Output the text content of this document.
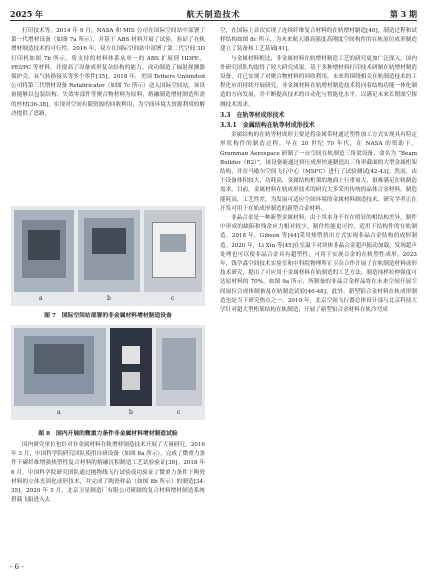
2025 年	航天制造技术	第 3 期

打印技术等。2014 年 9 月，NASA 和 MIS 公司在国际空间站中部署了第一代增材设备（如图 7a 所示），并基于 ABS 材料开展了试验，验证了在轨增材制造技术的可行性。2016 年，双方在国际空间站中部署了第二代空间 3D 打印机如图 7b 所示，将支持的材料体系从单一的 ABS 扩展到 HDPE、PEI/PC 等材料，并提高了设备成形复杂结构的能力，成功制造了辐射探测器保护壳、氧气转换接头等多个零件[35]。2018 年，美国 Tethers Unlimited 公司将第三代增材设备 Refabricator（如图 7c 所示）送入国际空间站，该设备能够以包装结构、失效零部件等聚合物材料为原料，熔融制造增材制造所需的丝材[36-38]，实现对空间有限资源的回收利用，为空间环境大资源利用的解决提供了思路。

a	b	c
图 7　国际空间站部署的非金属材料增材制造设备
a	b	c
图 8　国内开展的微重力条件非金属材料增材制造试验

国内研究单位也针对非金属材料在轨增材制造技术开展了大量研究。2016 年 3 月，中国科学院研究团队使用自研设备（如图 8a 所示），完成了微重力条件下碳纤维增强热塑性复合材料的熔融沉积制造工艺试验验证[39]。2018 年 6 月，中国科学院研究团队通过抛物线飞行试验成功验证了微重力条件下陶瓷材料的立体光固化成形技术，并完成了陶瓷样品（如图 8b 所示）的制造[34-35]。2020 年 5 月，北京卫星制造厂有限公司研制的复合材料增材制造系统搭载飞船进入太

空，在国际上首次实现了连续纤维复合材料的在轨增材制造[40]，制造过程和试样结构如图 8c 所示，为未来航天器高强度高刚度空间构件的在轨原位成形制造建立了装备和工艺基础[41]。

与金属材料相比，非金属材料在轨增材制造工艺的研究更加广泛深入，国内外研究团队均取得了较大研究成果，基于多种增材料打印技术研制在轨增材制造设备，并已实现了对聚合物材料的回收利用，未来将围绕相关在轨制造技术的工程化应用持续开展研究。非金属材料在轨增材制造技术将向着结构功能一体化制造的方向发展，并不断提高技术的自动化与智能化水平，以满足未来长期深空探测技术需求。

3.3　在轨等材成形技术
3.3.1　金属结构在轨等材成形技术

金属结构的在轨等材成形主要是将金属带材通过塑性加工方式实现具有特定形状构件的制造过程。早在 20 世纪 70 年代，在 NASA 的资助下，Grumman Aerospace 研制了一台空间在轨制造三角梁设备，命名为 “Beam Builder（B2）”，该设备能通过挤压成形快速制造出三角形截面的大型金属桁架结构，并在马歇尔空间飞行中心（MSFC）进行了试验测试[42-43]。然而，由于设备体积较大，功耗高，金属结构桁架的地面上行重量大，很难满足在轨制造需求。目前，金属材料在轨成形技术的研究大多采用传统的晶体合金材料，制造能耗高、工艺性差，为发展可适应空间环境的金属材料制造技术，研究学者正在开发可用于在轨成形制造的新型合金材料。

非晶合金是一种新型金属材料，由于其本身不存在明显的相结构差异，制件中形成的缺陷和残余应力相对较少，制件性能更可控，适用于结构件的在轨制造。2018 年，Gibson 等[44]采用热塑挤出方式实现非晶合金结构的成形制造。2020 年，Li Xin 等[45]在室温下对块体非晶合金超声振动加载，发现超声处理也可以使非晶合金具有超塑性，可用于实现合金的在轨塑性成形。2023 年，钱学森空间技术实验室和中科院物理所正卫杂合作开展了在轨制造材料成形技术研究，提出了可应用于金属材料在轨制造的工艺方法，制造纯样拉伸强度可达原材料的 70%，如图 9a 所示，所制备的非晶合金样品将在未来空间开展空间展位合成体制备及在轨制造试验[46-48]。此外，新型铝合金材料在轨成形制造也是当下研究热点之一。2019 年，北京空间飞行器总体设计部与北京科技大学针对超大型桁架结构在轨制造，开展了新型铝合金材料在轨冷弯成

- 6 -
